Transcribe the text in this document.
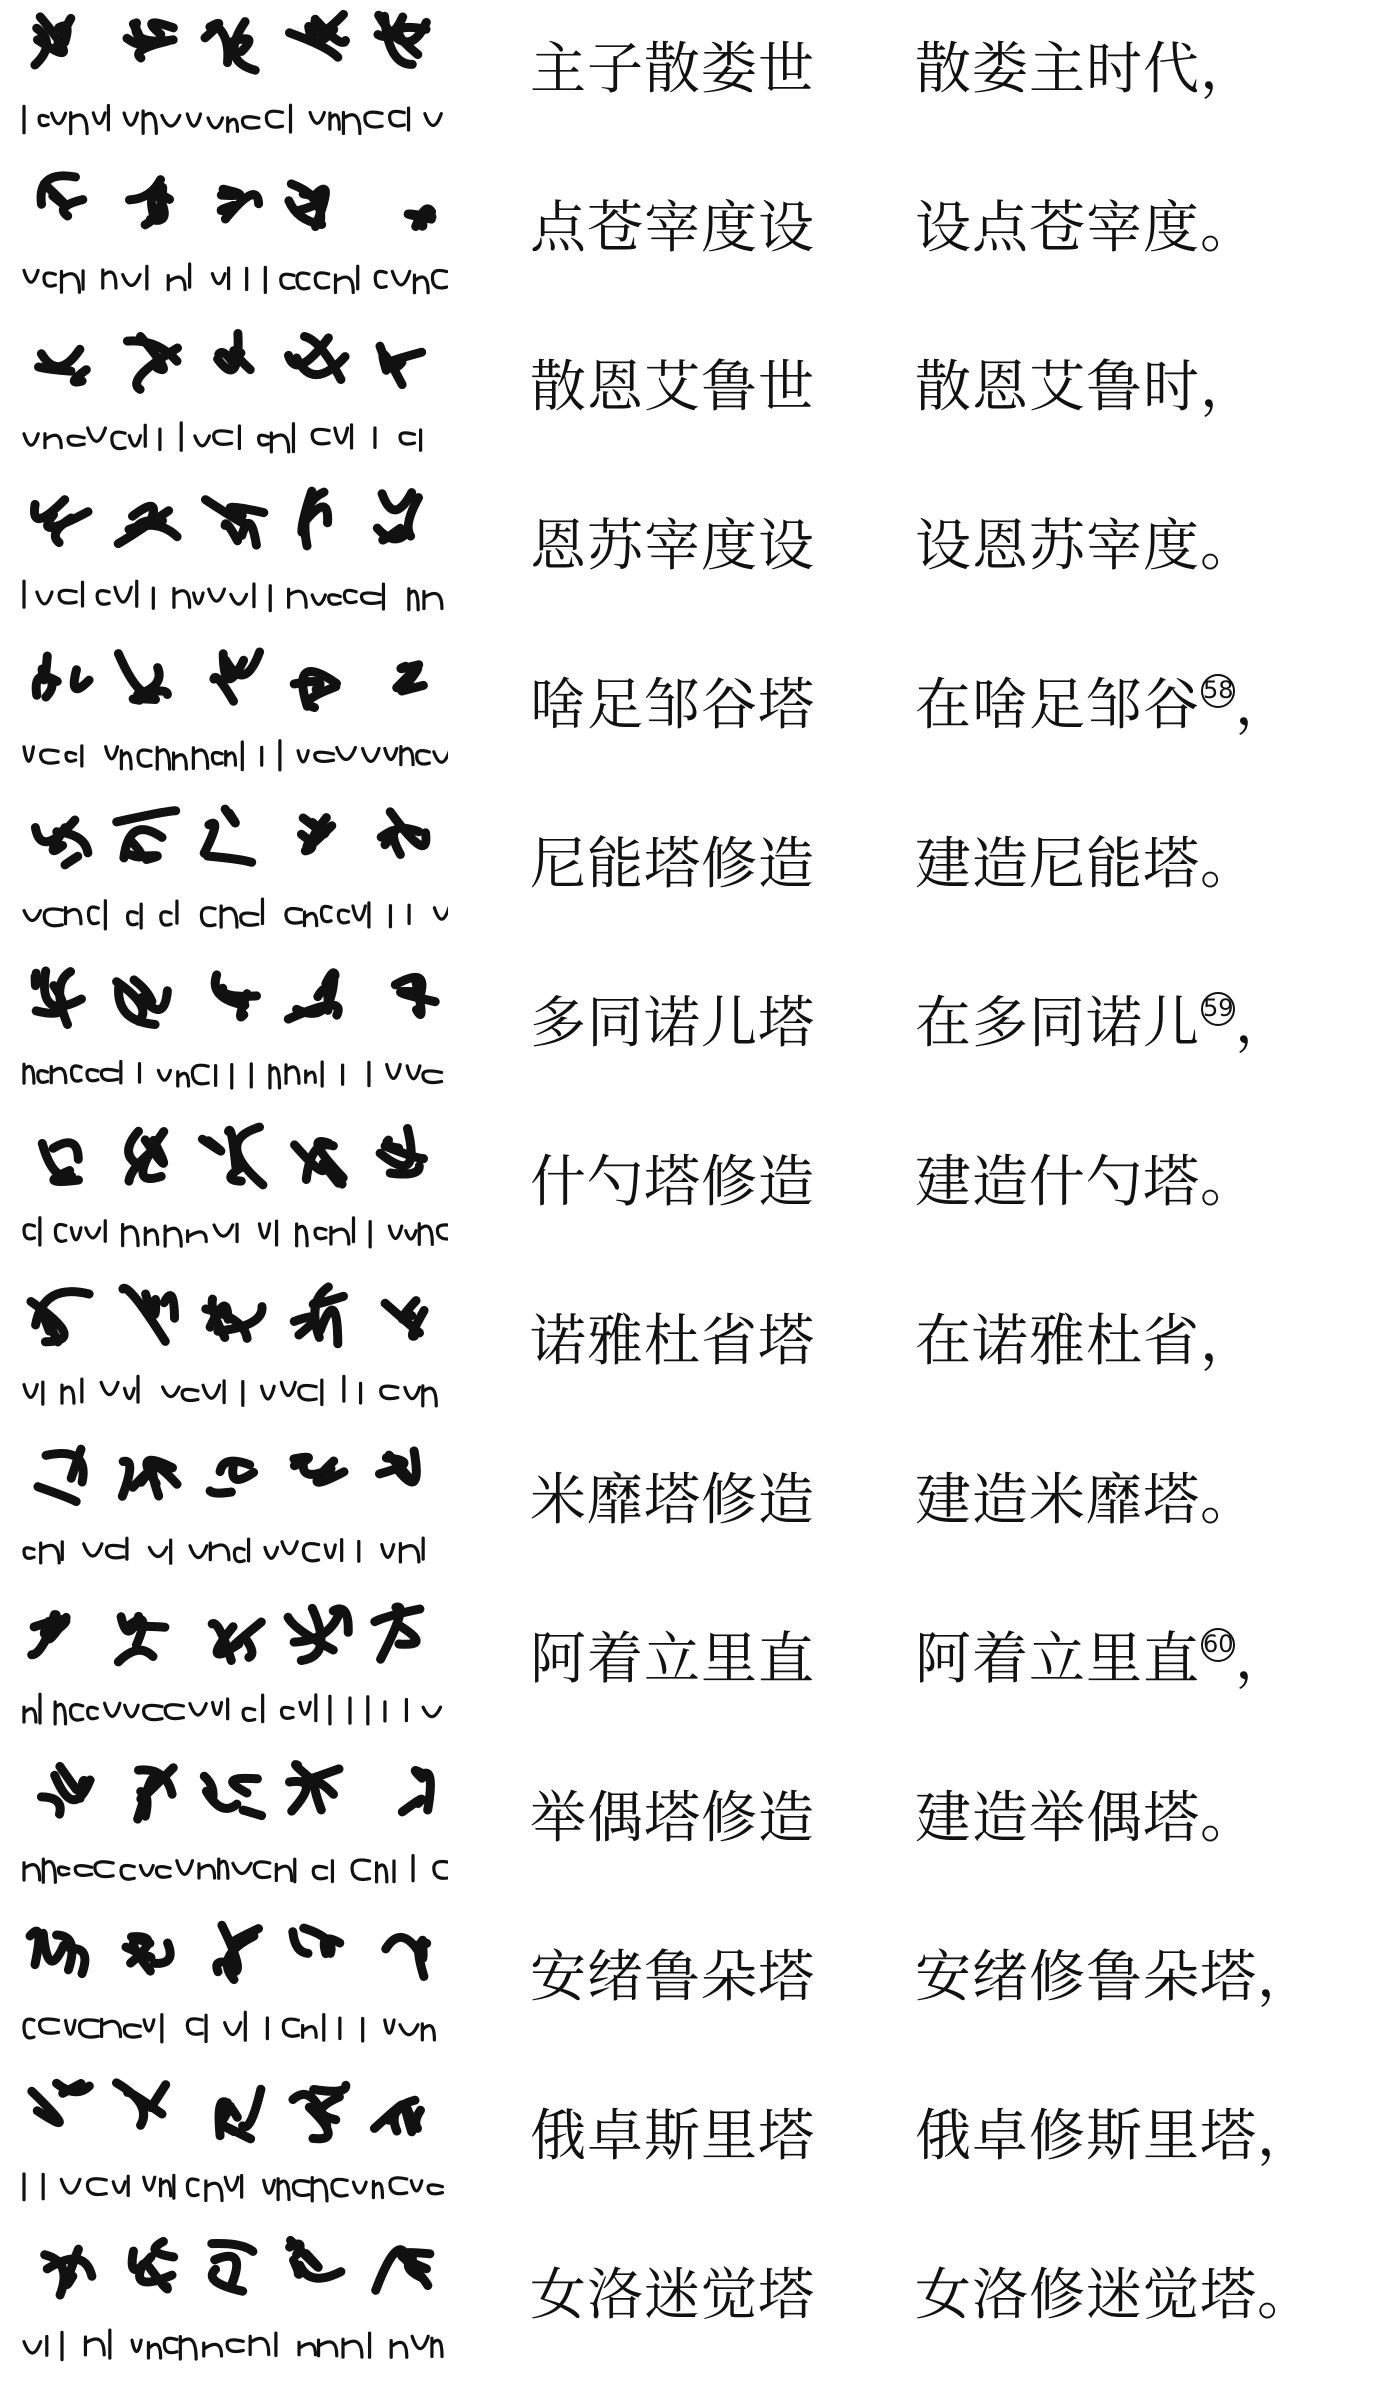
主子散娄世 散娄主时代，
点苍宰度设 设点苍宰度。
散恩艾鲁世 散恩艾鲁时，
恩苏宰度设 设恩苏宰度。
啥足邹谷塔 在啥足邹谷 58，
尼能塔修造 建造尼能塔。
多同诺儿塔 在多同诺儿 59，
什勺塔修造 建造什勺塔。
诺雅杜省塔 在诺雅杜省，
米靡塔修造 建造米靡塔。
阿着立里直 阿着立里直 60，
举偶塔修造 建造举偶塔。
安绪鲁朵塔 安绪修鲁朵塔，
俄卓斯里塔 俄卓修斯里塔，
女洛迷觉塔 女洛修迷觉塔。
